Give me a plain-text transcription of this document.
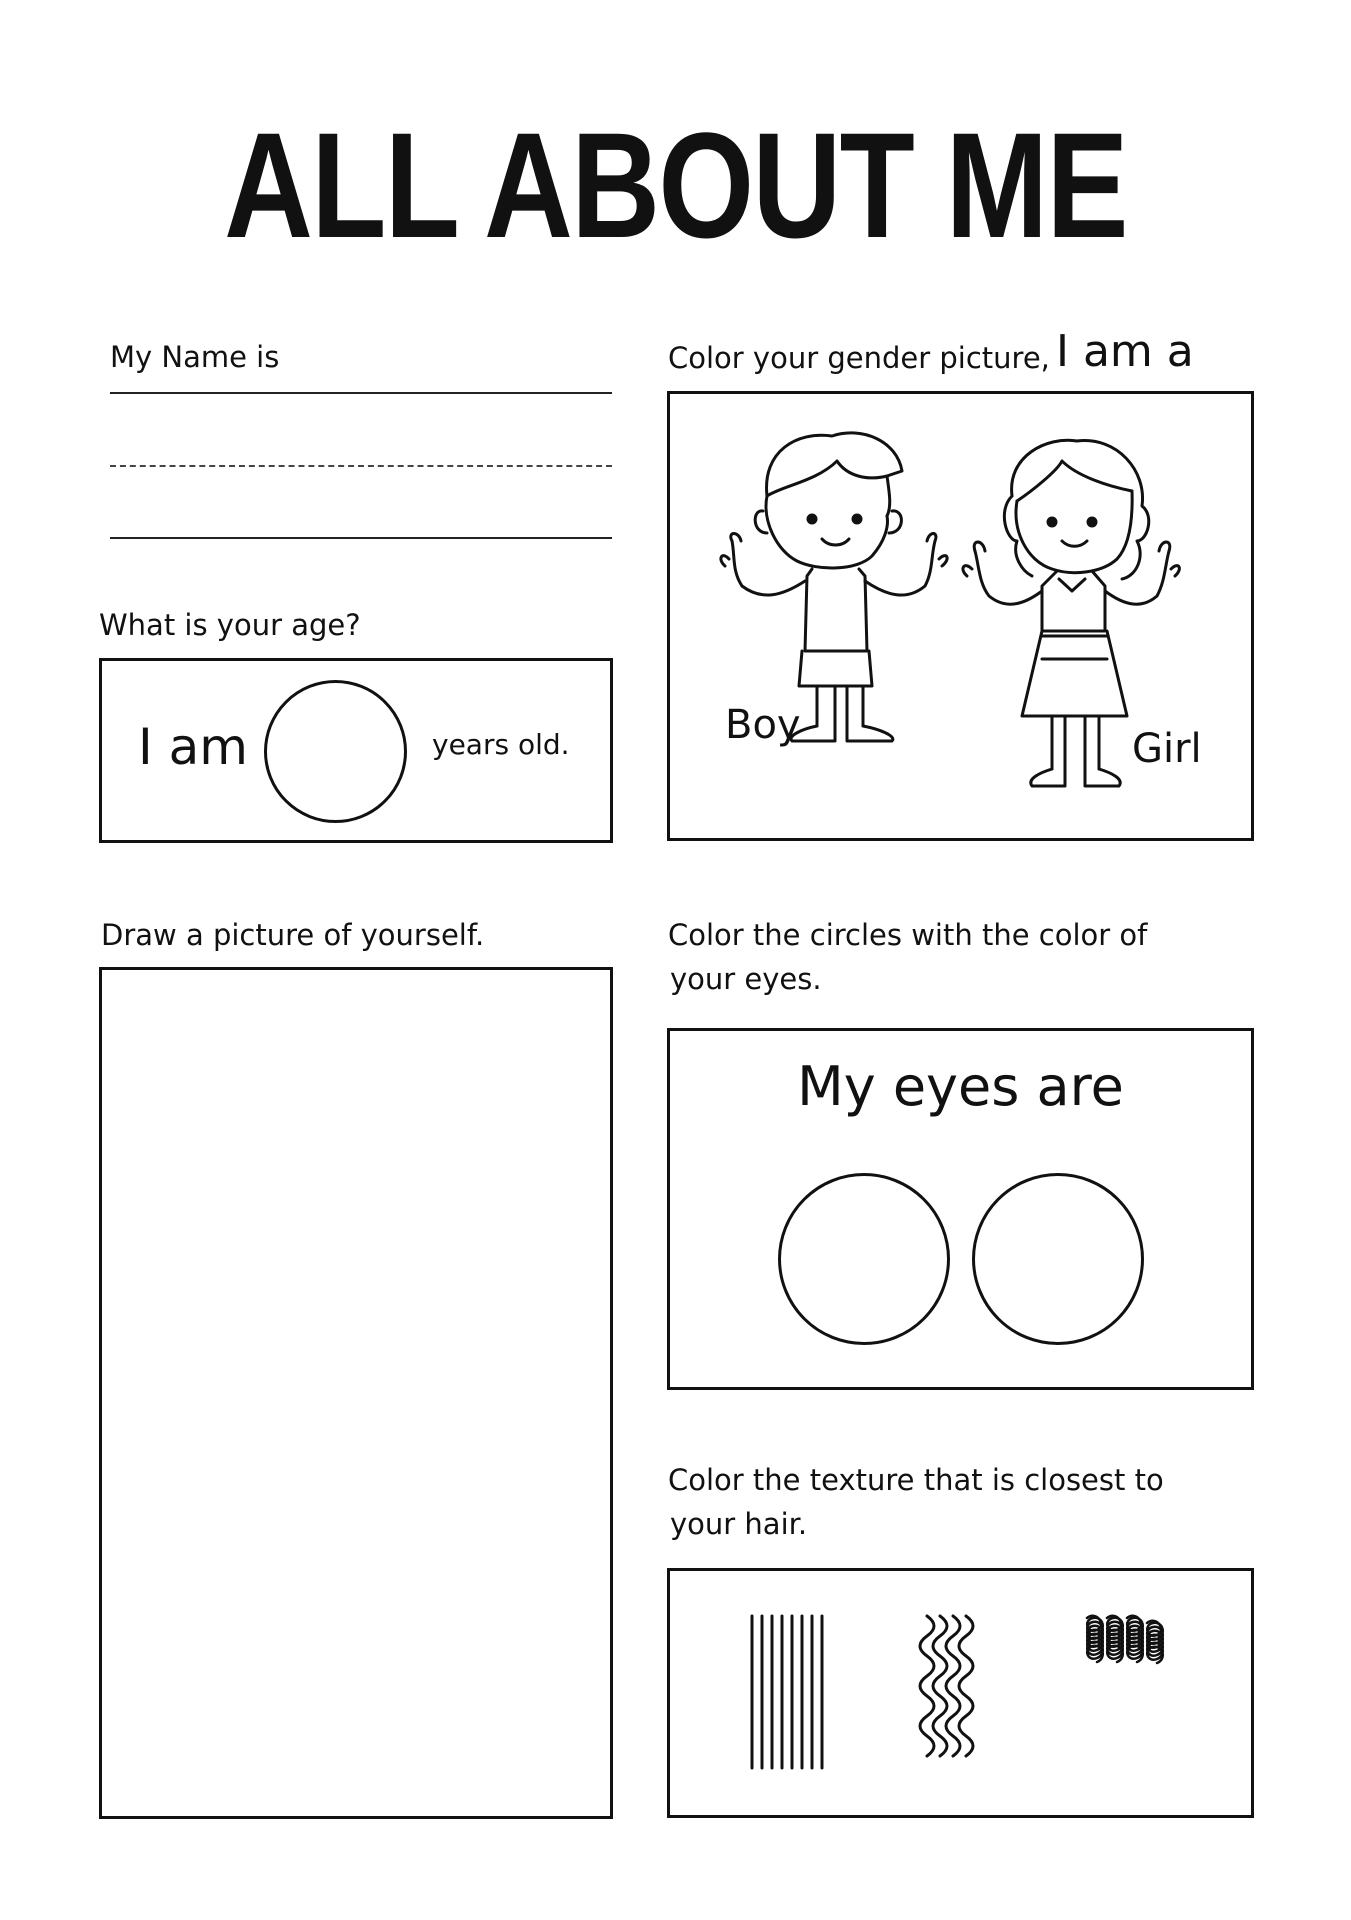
ALL ABOUT ME
My Name is
What is your age?
I am	years old.
Color your gender picture, I am a
Boy
Girl
Draw a picture of yourself.	Color the circles with the color of
your eyes.
My eyes are
Color the texture that is closest to
your hair.
